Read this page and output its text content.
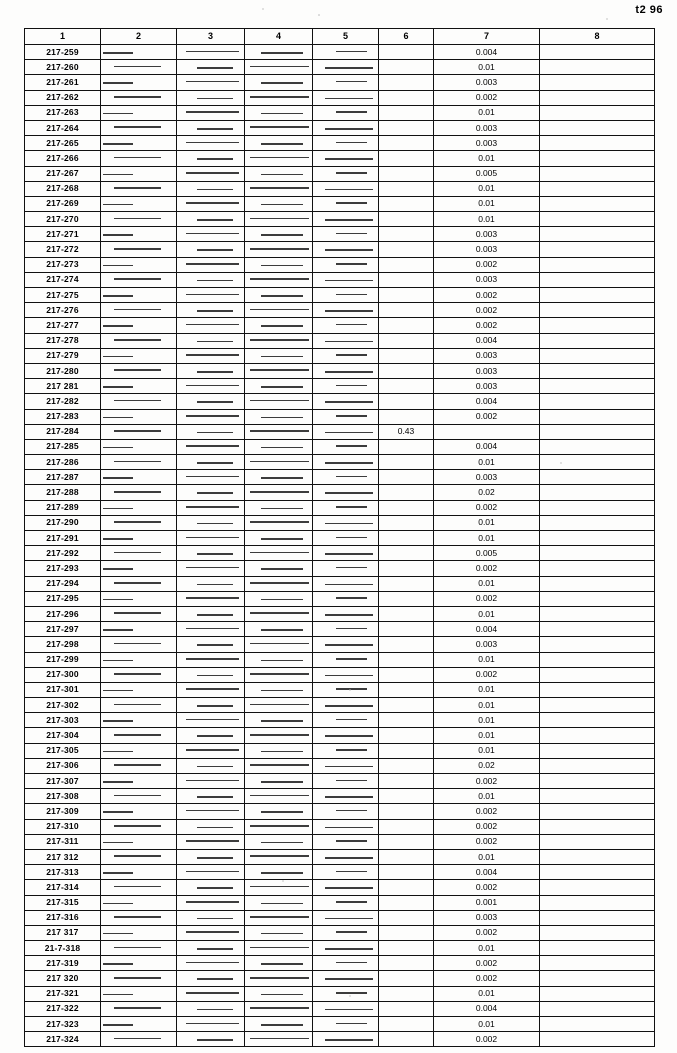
t2 96
1	2	3	4	5	6	7	8
217-259						0.004	
217-260						0.01	
217-261						0.003	
217-262						0.002	
217-263						0.01	
217-264						0.003	
217-265						0.003	
217-266						0.01	
217-267						0.005	
217-268						0.01	
217-269						0.01	
217-270						0.01	
217-271						0.003	
217-272						0.003	
217-273						0.002	
217-274						0.003	
217-275						0.002	
217-276						0.002	
217-277						0.002	
217-278						0.004	
217-279						0.003	
217-280						0.003	
217 281						0.003	
217-282						0.004	
217-283						0.002	
217-284					0.43		
217-285						0.004	
217-286						0.01	
217-287						0.003	
217-288						0.02	
217-289						0.002	
217-290						0.01	
217-291						0.01	
217-292						0.005	
217-293						0.002	
217-294						0.01	
217-295						0.002	
217-296						0.01	
217-297						0.004	
217-298						0.003	
217-299						0.01	
217-300						0.002	
217-301						0.01	
217-302						0.01	
217-303						0.01	
217-304						0.01	
217-305						0.01	
217-306						0.02	
217-307						0.002	
217-308						0.01	
217-309						0.002	
217-310						0.002	
217-311						0.002	
217 312						0.01	
217-313						0.004	
217-314						0.002	
217-315						0.001	
217-316						0.003	
217 317						0.002	
21-7-318						0.01	
217-319						0.002	
217 320						0.002	
217-321						0.01	
217-322						0.004	
217-323						0.01	
217-324						0.002	
